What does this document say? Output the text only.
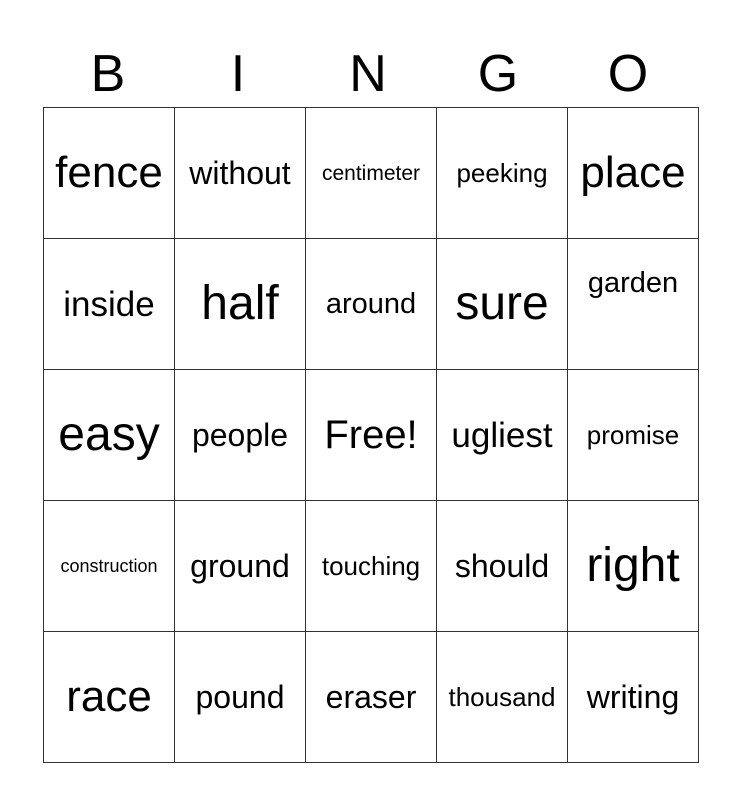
B	I	N	G	O
fence	without	centimeter	peeking	place

inside	half	around	sure	garden

easy	people	Free!	ugliest	promise

construction	ground	touching	should	right

race	pound	eraser	thousand	writing
